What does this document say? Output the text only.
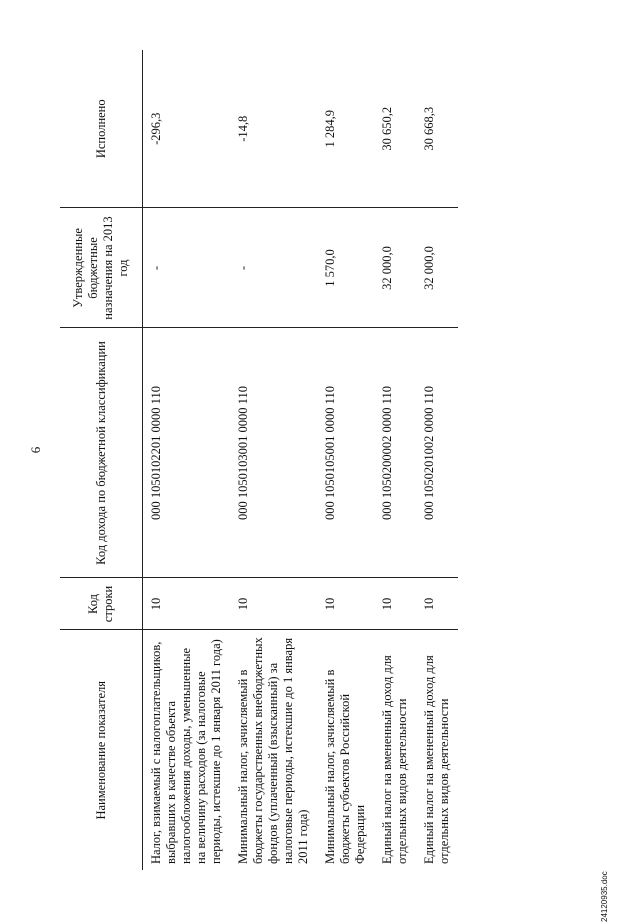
6
Наименование показателя	Код строки	Код дохода по бюджетной классификации	Утвержденные бюджетные назначения на 2013 год	Исполнено
Налог, взимаемый с налогоплательщиков, выбравших в качестве объекта налогообложения доходы, уменьшенные на величину расходов (за налоговые периоды, истекшие до 1 января 2011 года)	10	000 1050102201 0000 110	-	-296,3
Минимальный налог, зачисляемый в бюджеты государственных внебюджетных фондов (уплаченный (взысканный) за налоговые периоды, истекшие до 1 января 2011 года)	10	000 1050103001 0000 110	-	-14,8
Минимальный налог, зачисляемый в бюджеты субъектов Российской Федерации	10	000 1050105001 0000 110	1 570,0	1 284,9
Единый налог на вмененный доход для отдельных видов деятельности	10	000 1050200002 0000 110	32 000,0	30 650,2
Единый налог на вмененный доход для отдельных видов деятельности	10	000 1050201002 0000 110	32 000,0	30 668,3
24120935.doc
